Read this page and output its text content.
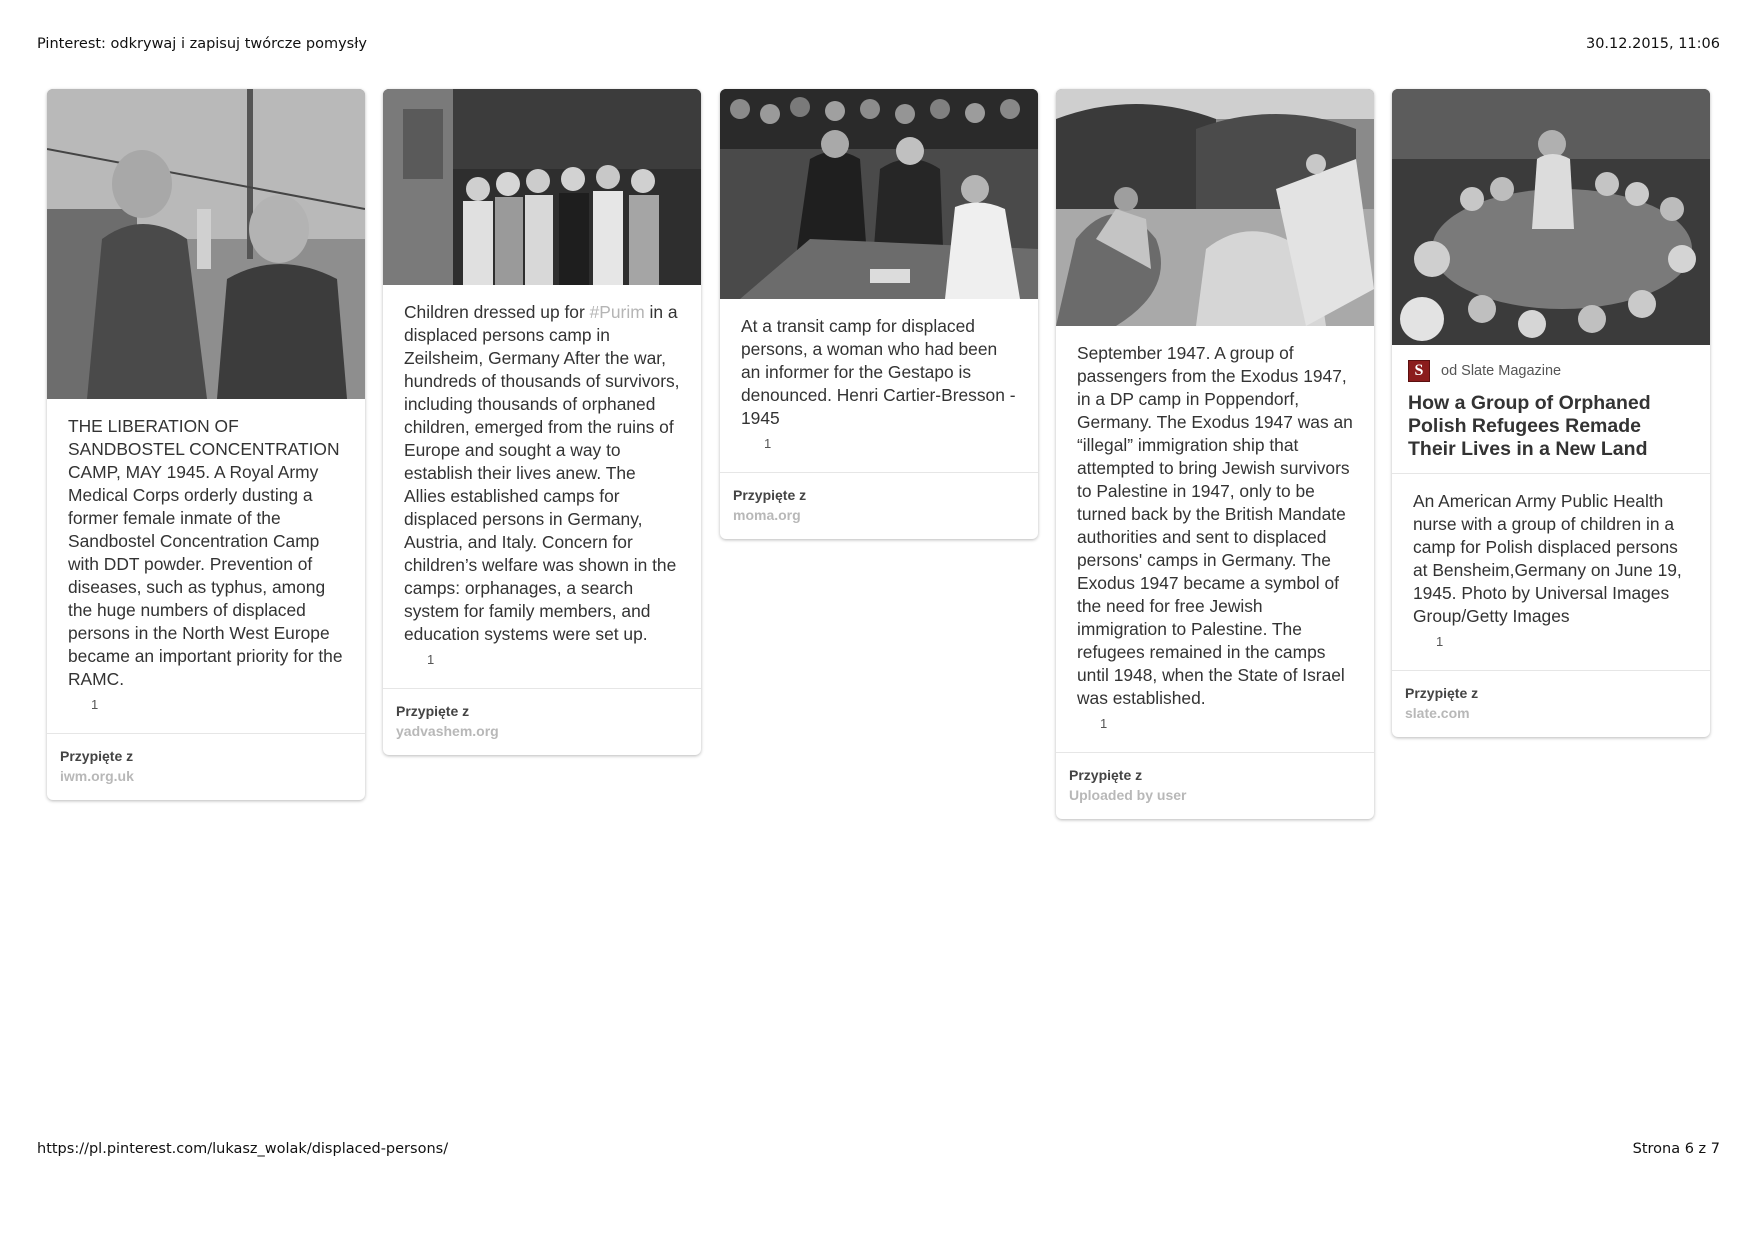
Pinterest: odkrywaj i zapisuj twórcze pomysły	30.12.2015, 11:06
THE LIBERATION OF SANDBOSTEL CONCENTRATION CAMP, MAY 1945. A Royal Army Medical Corps orderly dusting a former female inmate of the Sandbostel Concentration Camp with DDT powder. Prevention of diseases, such as typhus, among the huge numbers of displaced persons in the North West Europe became an important priority for the RAMC.
1
Przypięte z
iwm.org.uk
Children dressed up for #Purim in a displaced persons camp in Zeilsheim, Germany After the war, hundreds of thousands of survivors, including thousands of orphaned children, emerged from the ruins of Europe and sought a way to establish their lives anew. The Allies established camps for displaced persons in Germany, Austria, and Italy. Concern for children’s welfare was shown in the camps: orphanages, a search system for family members, and education systems were set up.
1
Przypięte z
yadvashem.org
At a transit camp for displaced persons, a woman who had been an informer for the Gestapo is denounced. Henri Cartier-Bresson - 1945
1
Przypięte z
moma.org
September 1947. A group of passengers from the Exodus 1947, in a DP camp in Poppendorf, Germany. The Exodus 1947 was an “illegal” immigration ship that attempted to bring Jewish survivors to Palestine in 1947, only to be turned back by the British Mandate authorities and sent to displaced persons' camps in Germany. The Exodus 1947 became a symbol of the need for free Jewish immigration to Palestine. The refugees remained in the camps until 1948, when the State of Israel was established.
1
Przypięte z
Uploaded by user
S	od Slate Magazine
How a Group of Orphaned Polish Refugees Remade Their Lives in a New Land
An American Army Public Health nurse with a group of children in a camp for Polish displaced persons at Bensheim,Germany on June 19, 1945. Photo by Universal Images Group/Getty Images
1
Przypięte z
slate.com
https://pl.pinterest.com/lukasz_wolak/displaced-persons/	Strona 6 z 7
